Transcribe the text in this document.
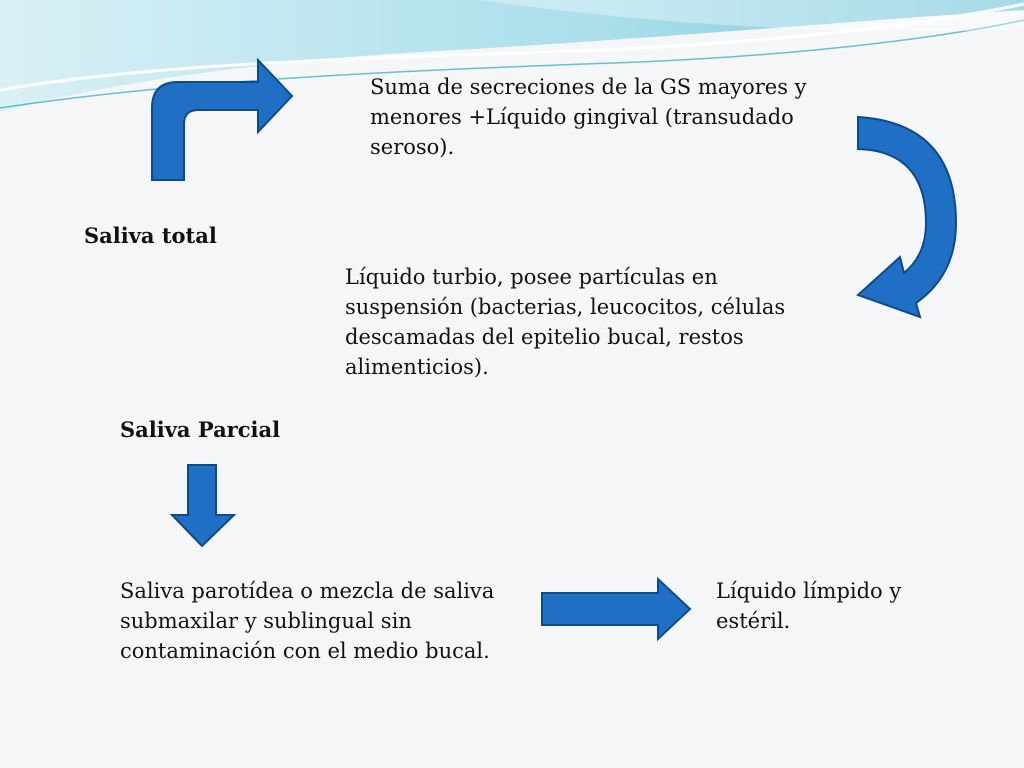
Suma de secreciones de la GS mayores y menores +Líquido gingival (transudado seroso).

Saliva total

Líquido turbio, posee partículas en suspensión (bacterias, leucocitos, células descamadas del epitelio bucal, restos alimenticios).

Saliva Parcial

Saliva parotídea o mezcla de saliva submaxilar y sublingual sin contaminación con el medio bucal.

Líquido límpido y estéril.
